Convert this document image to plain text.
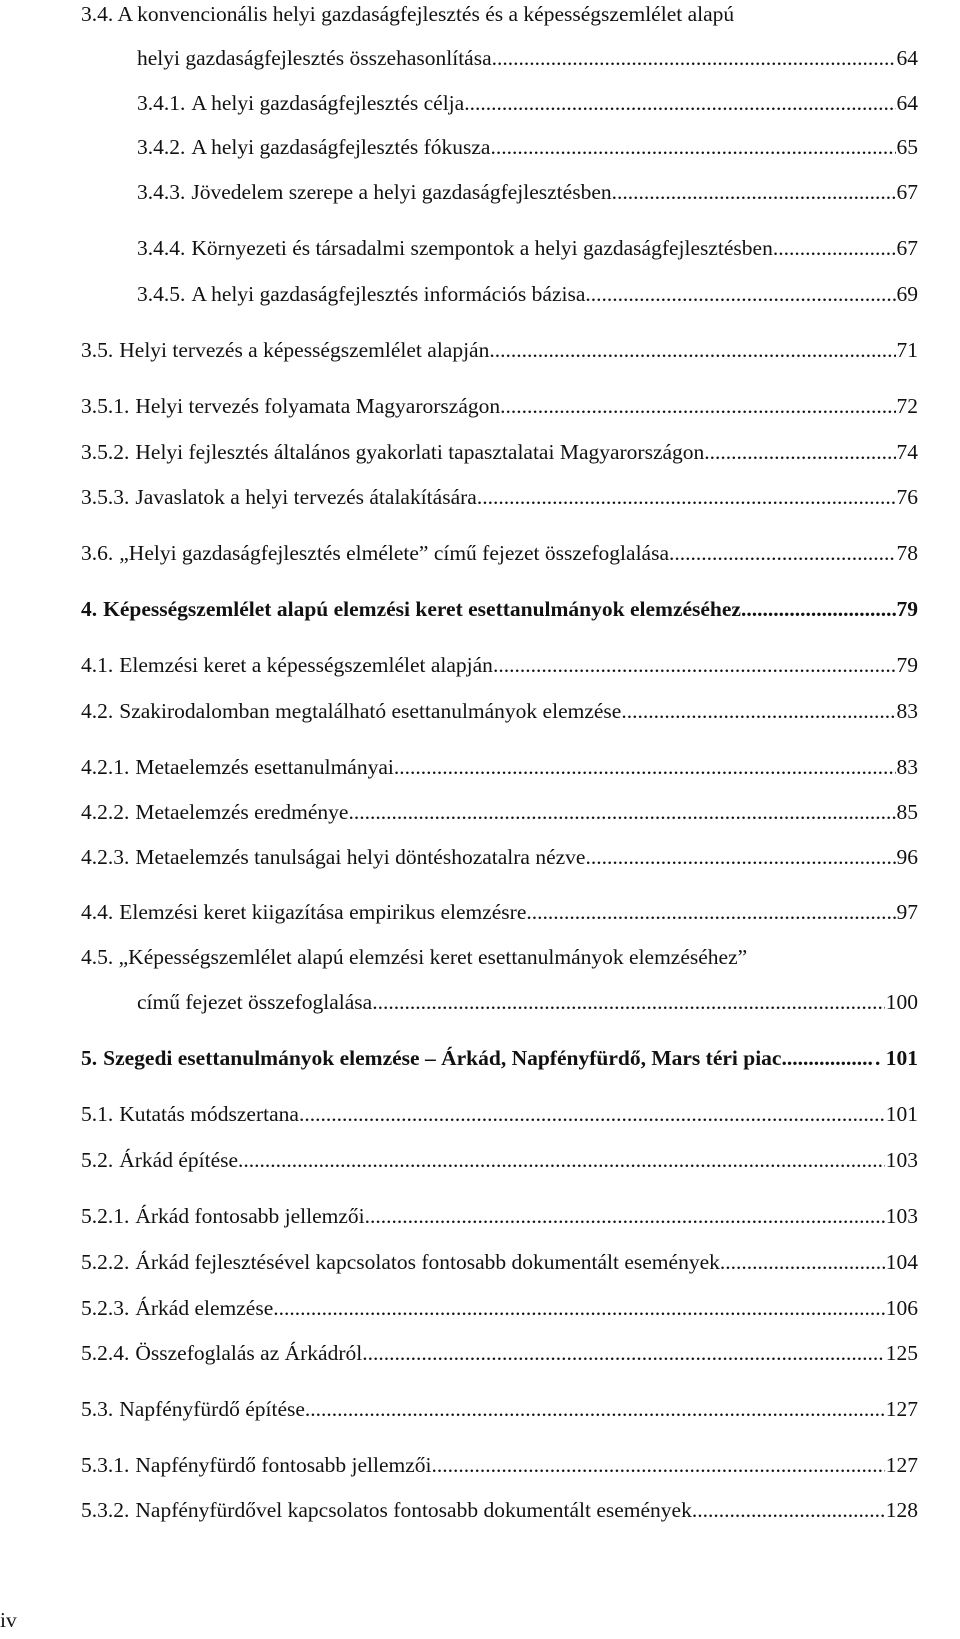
3.4. A konvencionális helyi gazdaságfejlesztés és a képességszemlélet alapú
helyi gazdaságfejlesztés összehasonlítása .....	64
3.4.1. A helyi gazdaságfejlesztés célja .....	64
3.4.2. A helyi gazdaságfejlesztés fókusza .....	65
3.4.3. Jövedelem szerepe a helyi gazdaságfejlesztésben .....	67
3.4.4. Környezeti és társadalmi szempontok a helyi gazdaságfejlesztésben .....	67
3.4.5. A helyi gazdaságfejlesztés információs bázisa .....	69
3.5. Helyi tervezés a képességszemlélet alapján .....	71
3.5.1. Helyi tervezés folyamata Magyarországon .....	72
3.5.2. Helyi fejlesztés általános gyakorlati tapasztalatai Magyarországon .....	74
3.5.3. Javaslatok a helyi tervezés átalakítására .....	76
3.6. „Helyi gazdaságfejlesztés elmélete” című fejezet összefoglalása .....	78
4. Képességszemlélet alapú elemzési keret esettanulmányok elemzéséhez .....	79
4.1. Elemzési keret a képességszemlélet alapján .....	79
4.2. Szakirodalomban megtalálható esettanulmányok elemzése .....	83
4.2.1. Metaelemzés esettanulmányai .....	83
4.2.2. Metaelemzés eredménye .....	85
4.2.3. Metaelemzés tanulságai helyi döntéshozatalra nézve .....	96
4.4. Elemzési keret kiigazítása empirikus elemzésre .....	97
4.5. „Képességszemlélet alapú elemzési keret esettanulmányok elemzéséhez”
című fejezet összefoglalása .....	100
5. Szegedi esettanulmányok elemzése – Árkád, Napfényfürdő, Mars téri piac .....	. 101
5.1. Kutatás módszertana .....	101
5.2. Árkád építése .....	103
5.2.1. Árkád fontosabb jellemzői .....	103
5.2.2. Árkád fejlesztésével kapcsolatos fontosabb dokumentált események .....	104
5.2.3. Árkád elemzése .....	106
5.2.4. Összefoglalás az Árkádról .....	125
5.3. Napfényfürdő építése .....	127
5.3.1. Napfényfürdő fontosabb jellemzői .....	127
5.3.2. Napfényfürdővel kapcsolatos fontosabb dokumentált események .....	128
iv
